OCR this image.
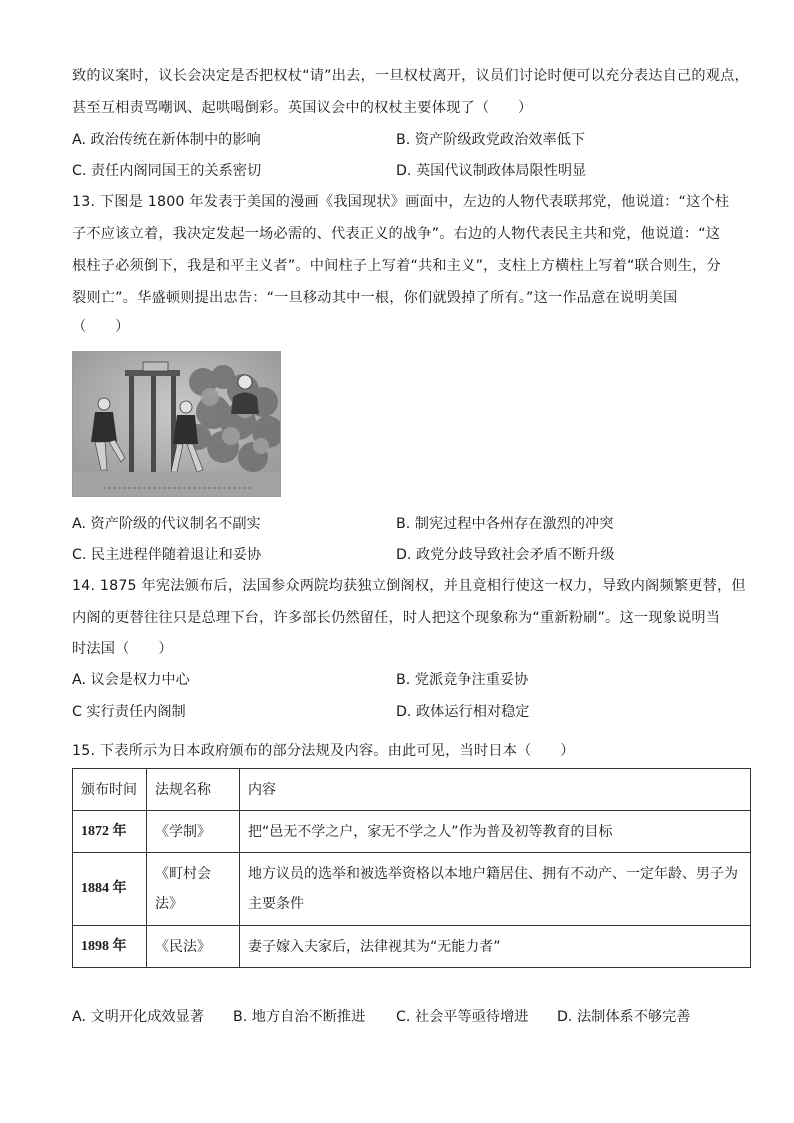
致的议案时，议长会决定是否把权杖“请”出去，一旦权杖离开，议员们讨论时便可以充分表达自己的观点，
甚至互相责骂嘲讽、起哄喝倒彩。英国议会中的权杖主要体现了（　　）
A. 政治传统在新体制中的影响	B. 资产阶级政党政治效率低下
C. 责任内阁同国王的关系密切	D. 英国代议制政体局限性明显
13. 下图是 1800 年发表于美国的漫画《我国现状》画面中，左边的人物代表联邦党，他说道：“这个柱
子不应该立着，我决定发起一场必需的、代表正义的战争”。右边的人物代表民主共和党，他说道：“这
根柱子必须倒下，我是和平主义者”。中间柱子上写着“共和主义”，支柱上方横柱上写着“联合则生，分
裂则亡”。华盛顿则提出忠告：“一旦移动其中一根，你们就毁掉了所有。”这一作品意在说明美国
（　　）
A. 资产阶级的代议制名不副实	B. 制宪过程中各州存在激烈的冲突
C. 民主进程伴随着退让和妥协	D. 政党分歧导致社会矛盾不断升级
14. 1875 年宪法颁布后，法国参众两院均获独立倒阁权，并且竟相行使这一权力，导致内阁频繁更替，但
内阁的更替往往只是总理下台，许多部长仍然留任，时人把这个现象称为“重新粉刷”。这一现象说明当
时法国（　　）
A. 议会是权力中心	B. 党派竞争注重妥协
C 实行责任内阁制	D. 政体运行相对稳定
15. 下表所示为日本政府颁布的部分法规及内容。由此可见，当时日本（　　）
颁布时间	法规名称	内容
1872 年	《学制》	把“邑无不学之户，家无不学之人”作为普及初等教育的目标
1884 年	《町村会法》	地方议员的选举和被选举资格以本地户籍居住、拥有不动产、一定年龄、男子为主要条件
1898 年	《民法》	妻子嫁入夫家后，法律视其为“无能力者”
A. 文明开化成效显著 B. 地方自治不断推进 C. 社会平等亟待增进 D. 法制体系不够完善
